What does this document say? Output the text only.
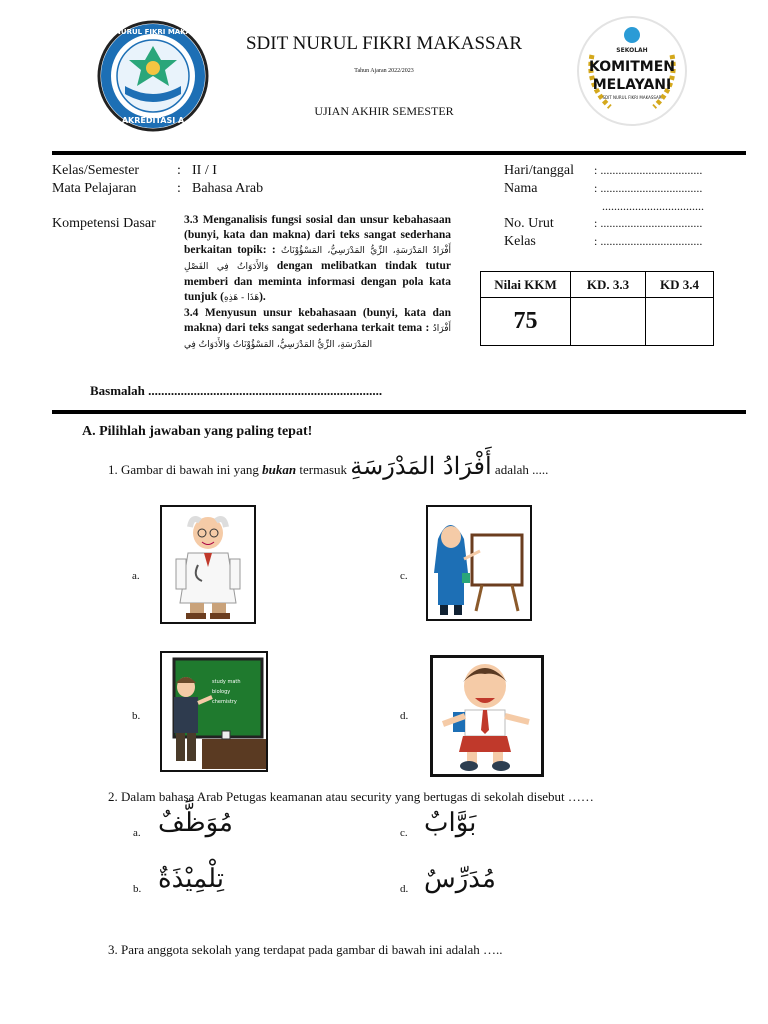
SDIT NURUL FIKRI MAKASSAR
AKREDITASI A
SDIT NURUL FIKRI MAKASSAR
Tahun Ajaran 2022/2023
UJIAN AKHIR SEMESTER
SEKOLAH
KOMITMEN
MELAYANI
SDIT NURUL FIKRI MAKASSAR
Kelas/Semester	: II / I
Mata Pelajaran	: Bahasa Arab
Kompetensi Dasar 3.3 Menganalisis fungsi sosial dan unsur kebahasaan (bunyi, kata dan makna) dari teks sangat sederhana berkaitan topik: :	أَفْرَادُ المَدْرَسَةِ، الزِّيُّ المَدْرَسِيُّ، المَسْؤُوْنَاتُ وَالأَدَوَاتُ فِي الفَصْلِ dengan melibatkan tindak tutur memberi dan meminta informasi dengan pola kata tunjuk (هَذَا - هَذِهِ).
3.4 Menyusun unsur kebahasaan (bunyi, kata dan makna) dari teks sangat sederhana terkait tema : أَفْرَادُ المَدْرَسَةِ، الزِّيُّ المَدْرَسِيُّ، المَسْؤُوْنَاتُ وَالأَدَوَاتُ فِي
Hari/tanggal : ..................................
Nama	: ..................................
..................................
No. Urut	: ..................................
Kelas	: ..................................
Nilai KKM	KD. 3.3	KD 3.4
75		
Basmalah ........................................................................
A. Pilihlah jawaban yang paling tepat!
1. Gambar di bawah ini yang bukan termasuk أَفْرَادُ المَدْرَسَةِ adalah .....
a.
b.
study math
biology
chemistry
c.
d.
2. Dalam bahasa Arab Petugas keamanan atau security yang bertugas di sekolah disebut ……
a. مُوَظَّفٌ	c. بَوَّابٌ
b. تِلْمِيْذَةٌ	d. مُدَرِّسٌ
3. Para anggota sekolah yang terdapat pada gambar di bawah ini adalah …..
